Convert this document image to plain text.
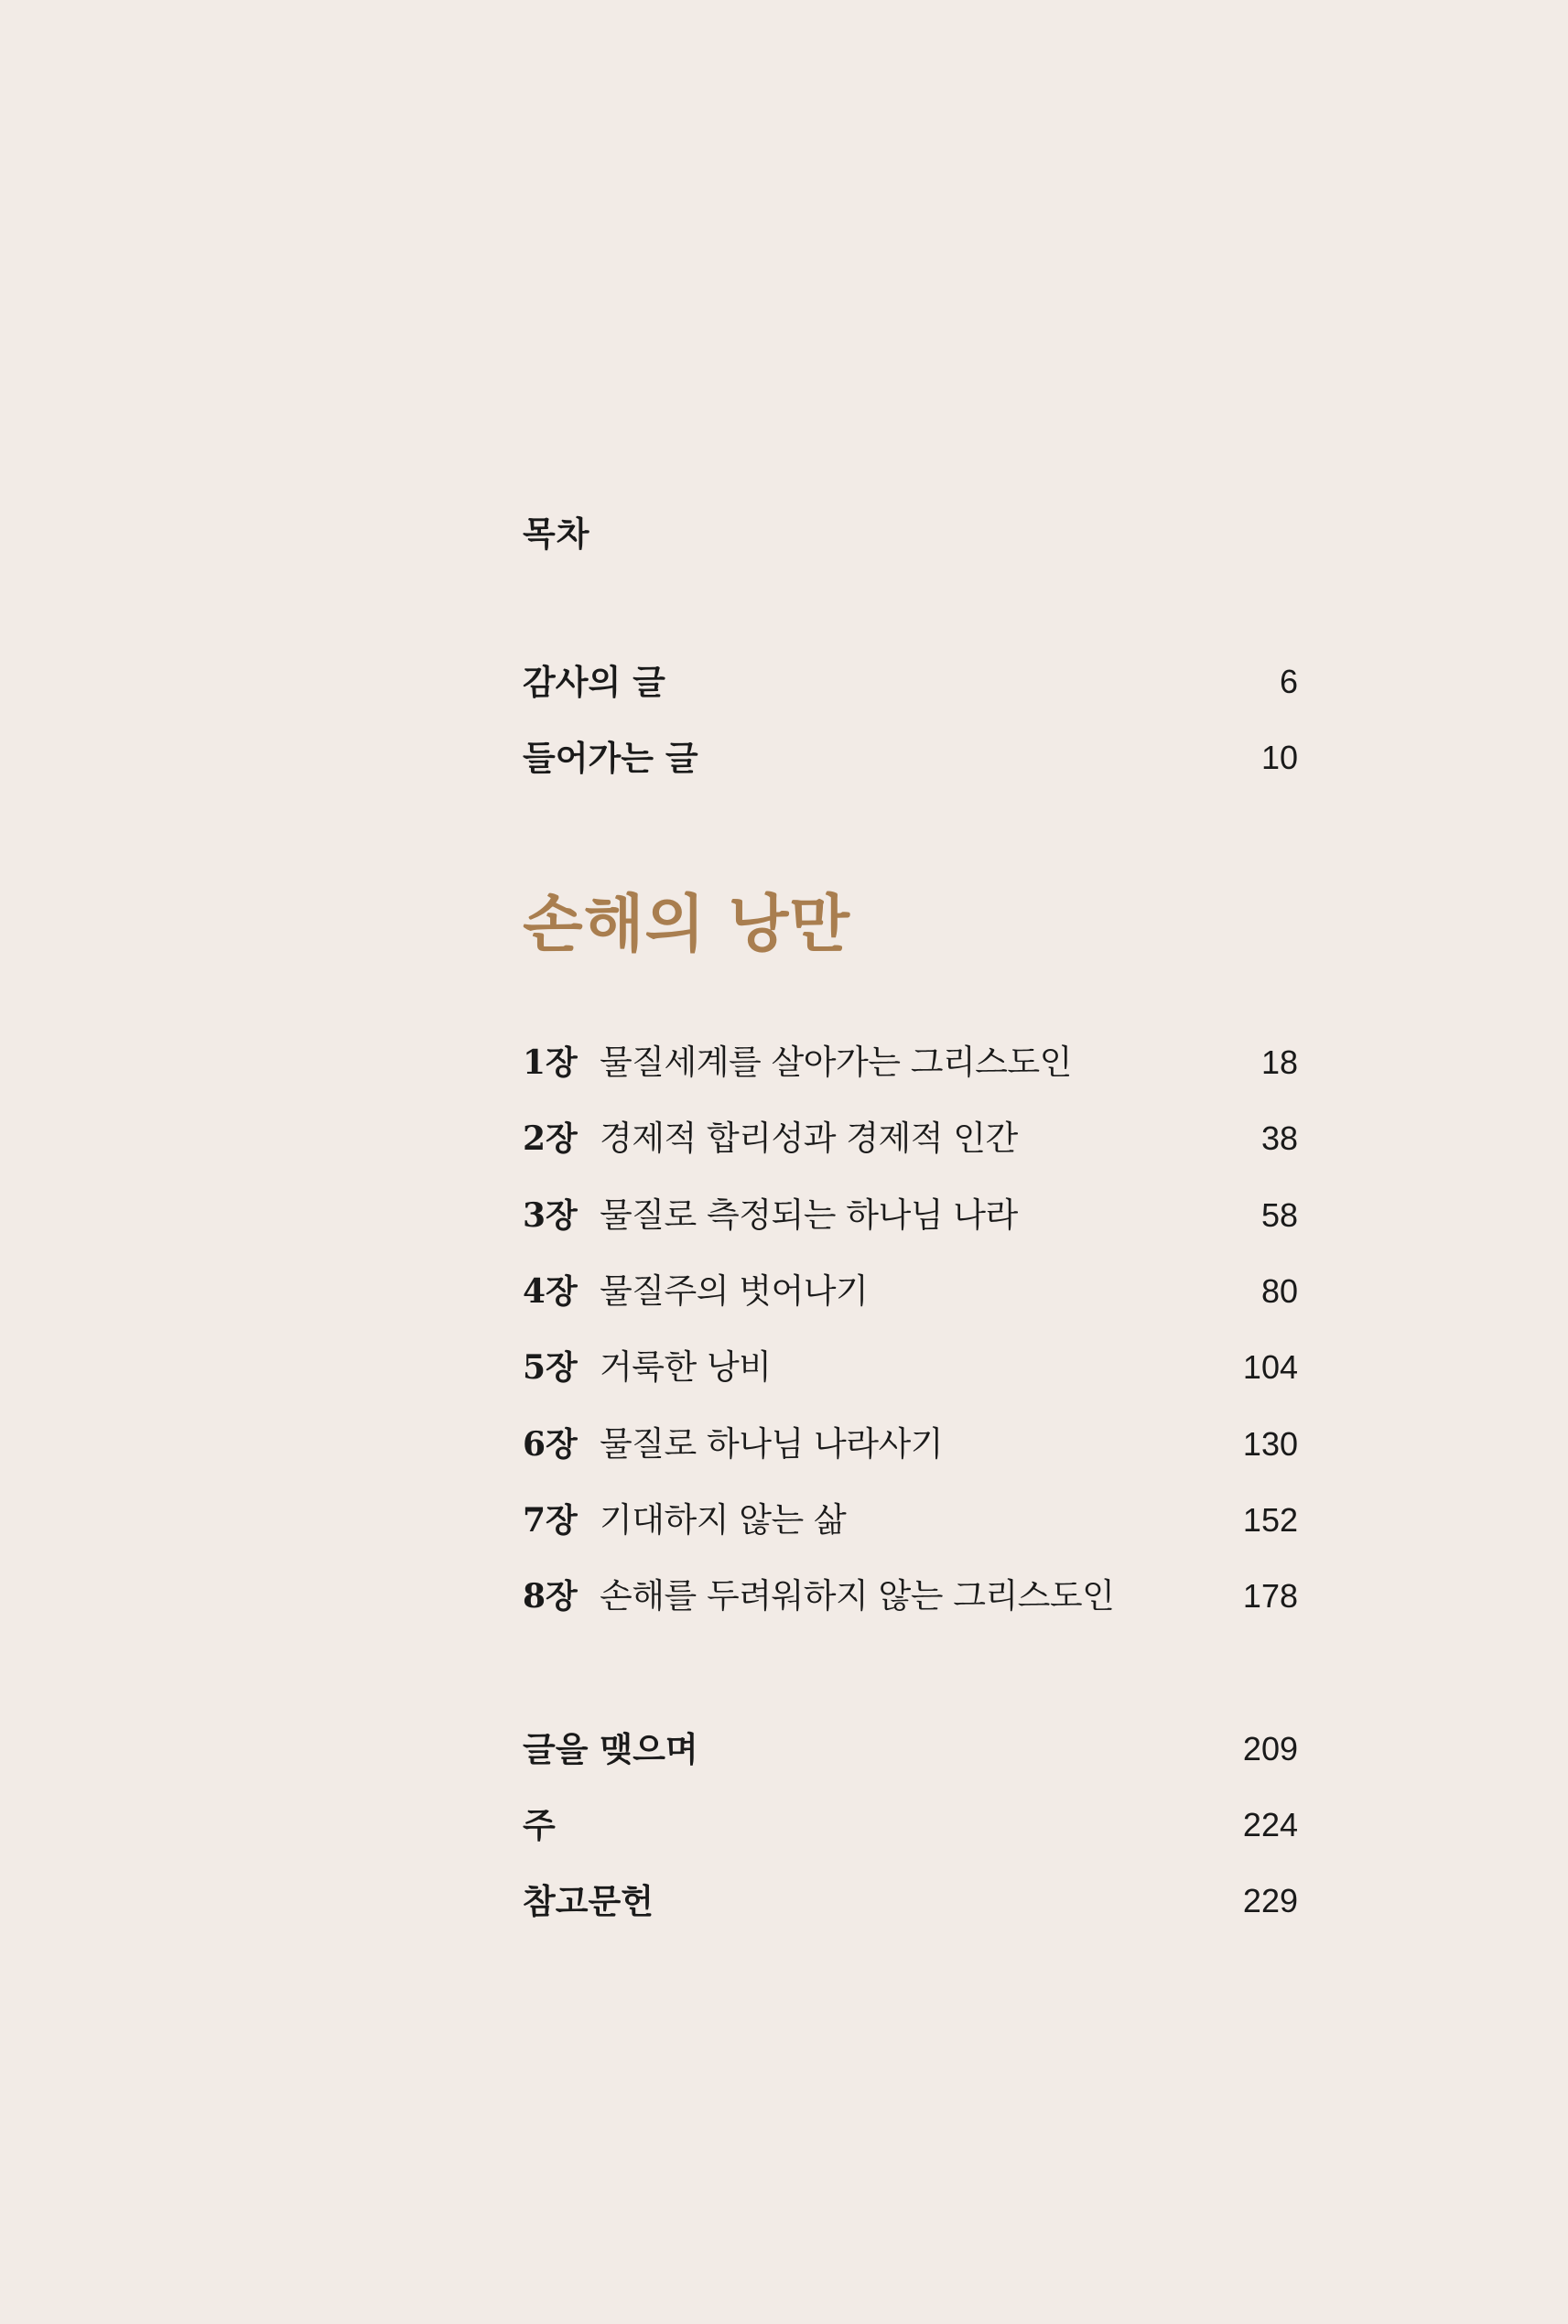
목차
감사의 글	6
들어가는 글	10
손해의 낭만
1장 물질세계를 살아가는 그리스도인	18
2장 경제적 합리성과 경제적 인간	38
3장 물질로 측정되는 하나님 나라	58
4장 물질주의 벗어나기	80
5장 거룩한 낭비	104
6장 물질로 하나님 나라사기	130
7장 기대하지 않는 삶	152
8장 손해를 두려워하지 않는 그리스도인	178
글을 맺으며	209
주	224
참고문헌	229
